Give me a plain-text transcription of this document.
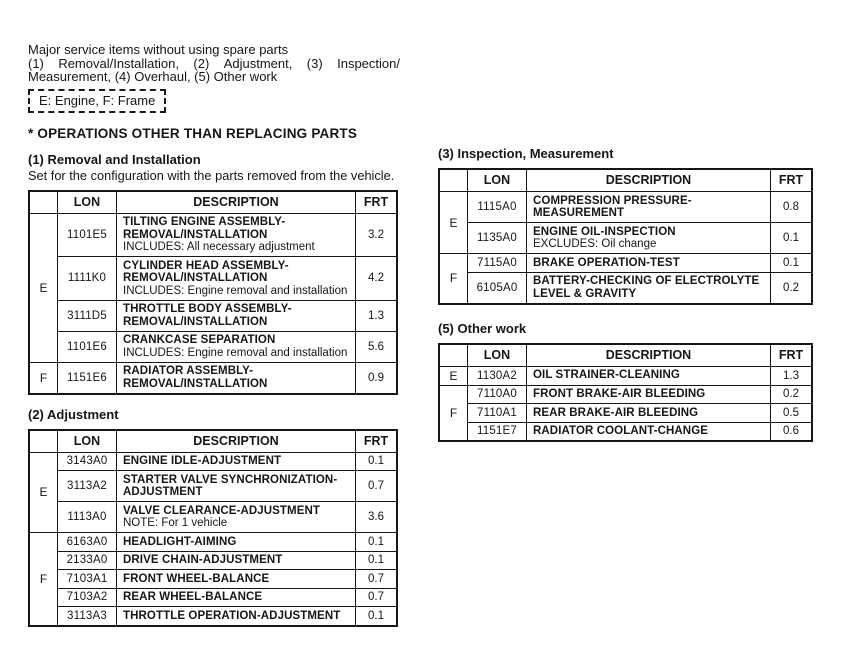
Major service items without using spare parts

(1) Removal/Installation, (2) Adjustment, (3) Inspection/

Measurement, (4) Overhaul, (5) Other work

E: Engine, F: Frame
* OPERATIONS OTHER THAN REPLACING PARTS
(1) Removal and Installation

Set for the configuration with the parts removed from the vehicle.

	LON	DESCRIPTION	FRT
E	1101E5	TILTING ENGINE ASSEMBLY-
REMOVAL/INSTALLATION
INCLUDES: All necessary adjustment	3.2
	1111K0	CYLINDER HEAD ASSEMBLY-
REMOVAL/INSTALLATION
INCLUDES: Engine removal and installation	4.2
	3111D5	THROTTLE BODY ASSEMBLY-
REMOVAL/INSTALLATION	1.3
	1101E6	CRANKCASE SEPARATION
INCLUDES: Engine removal and installation	5.6
F	1151E6	RADIATOR ASSEMBLY-
REMOVAL/INSTALLATION	0.9
(2) Adjustment
	LON	DESCRIPTION	FRT
E	3143A0	ENGINE IDLE-ADJUSTMENT	0.1
	3113A2	STARTER VALVE SYNCHRONIZATION-
ADJUSTMENT	0.7
	1113A0	VALVE CLEARANCE-ADJUSTMENT
NOTE: For 1 vehicle	3.6
F	6163A0	HEADLIGHT-AIMING	0.1
	2133A0	DRIVE CHAIN-ADJUSTMENT	0.1
	7103A1	FRONT WHEEL-BALANCE	0.7
	7103A2	REAR WHEEL-BALANCE	0.7
	3113A3	THROTTLE OPERATION-ADJUSTMENT	0.1
(3) Inspection, Measurement
	LON	DESCRIPTION	FRT
E	1115A0	COMPRESSION PRESSURE-MEASUREMENT	0.8
	1135A0	ENGINE OIL-INSPECTION
EXCLUDES: Oil change	0.1
F	7115A0	BRAKE OPERATION-TEST	0.1
	6105A0	BATTERY-CHECKING OF ELECTROLYTE
LEVEL & GRAVITY	0.2
(5) Other work
	LON	DESCRIPTION	FRT
E	1130A2	OIL STRAINER-CLEANING	1.3
F	7110A0	FRONT BRAKE-AIR BLEEDING	0.2
	7110A1	REAR BRAKE-AIR BLEEDING	0.5
	1151E7	RADIATOR COOLANT-CHANGE	0.6
